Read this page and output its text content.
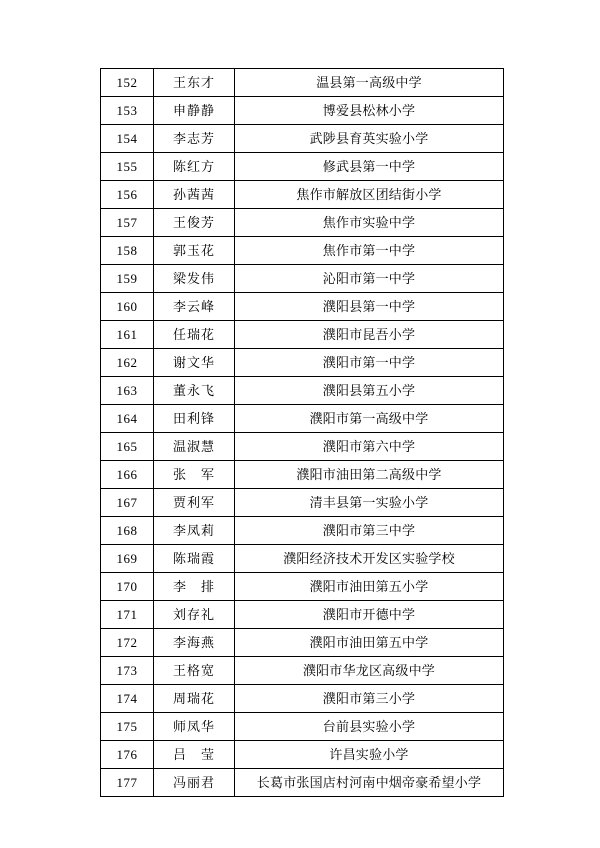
152	王东才	温县第一高级中学
153	申静静	博爱县松林小学
154	李志芳	武陟县育英实验小学
155	陈红方	修武县第一中学
156	孙茜茜	焦作市解放区团结街小学
157	王俊芳	焦作市实验中学
158	郭玉花	焦作市第一中学
159	梁发伟	沁阳市第一中学
160	李云峰	濮阳县第一中学
161	任瑞花	濮阳市昆吾小学
162	谢文华	濮阳市第一中学
163	董永飞	濮阳县第五小学
164	田利锋	濮阳市第一高级中学
165	温淑慧	濮阳市第六中学
166	张　军	濮阳市油田第二高级中学
167	贾利军	清丰县第一实验小学
168	李凤莉	濮阳市第三中学
169	陈瑞霞	濮阳经济技术开发区实验学校
170	李　排	濮阳市油田第五小学
171	刘存礼	濮阳市开德中学
172	李海燕	濮阳市油田第五中学
173	王格宽	濮阳市华龙区高级中学
174	周瑞花	濮阳市第三小学
175	师凤华	台前县实验小学
176	吕　莹	许昌实验小学
177	冯丽君	长葛市张国店村河南中烟帝豪希望小学
